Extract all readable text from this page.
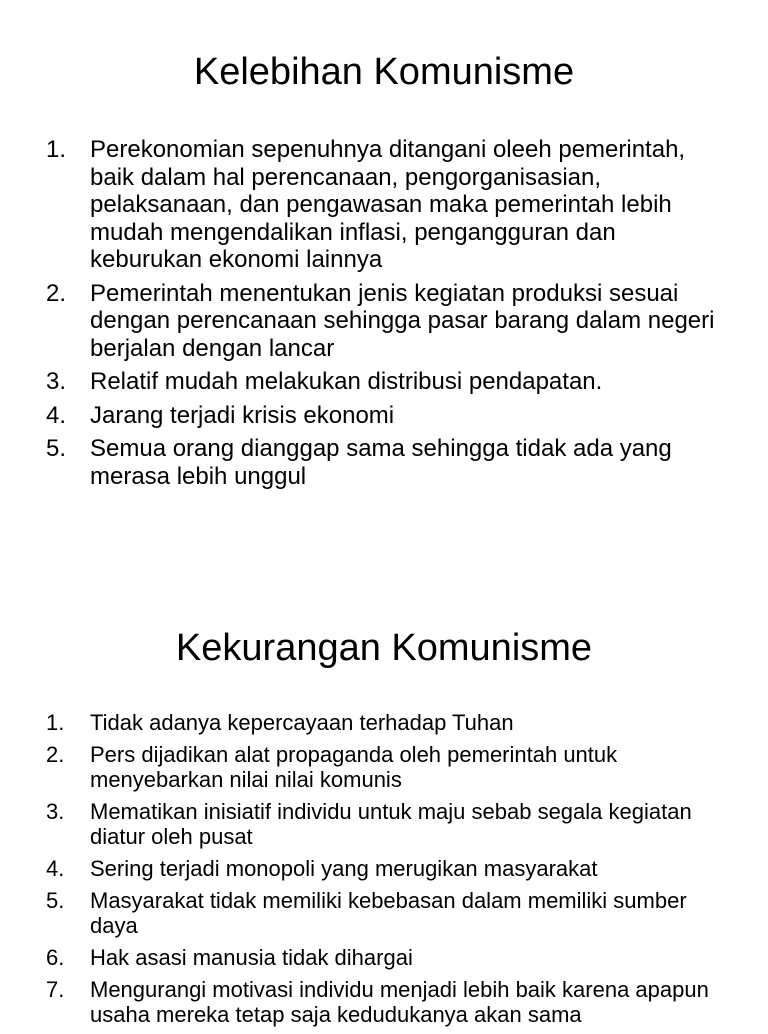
Kelebihan Komunisme
1. Perekonomian sepenuhnya ditangani oleeh pemerintah, baik dalam hal perencanaan, pengorganisasian, pelaksanaan, dan pengawasan maka pemerintah lebih mudah mengendalikan inflasi, pengangguran dan keburukan ekonomi lainnya
2. Pemerintah menentukan jenis kegiatan produksi sesuai dengan perencanaan sehingga pasar barang dalam negeri berjalan dengan lancar
3. Relatif mudah melakukan distribusi pendapatan.
4. Jarang terjadi krisis ekonomi
5. Semua orang dianggap sama sehingga tidak ada yang merasa lebih unggul
Kekurangan Komunisme
1. Tidak adanya kepercayaan terhadap Tuhan
2. Pers dijadikan alat propaganda oleh pemerintah untuk menyebarkan nilai nilai komunis
3. Mematikan inisiatif individu untuk maju sebab segala kegiatan diatur oleh pusat
4. Sering terjadi monopoli yang merugikan masyarakat
5. Masyarakat tidak memiliki kebebasan dalam memiliki sumber daya
6. Hak asasi manusia tidak dihargai
7. Mengurangi motivasi individu menjadi lebih baik karena apapun usaha mereka tetap saja kedudukanya akan sama
